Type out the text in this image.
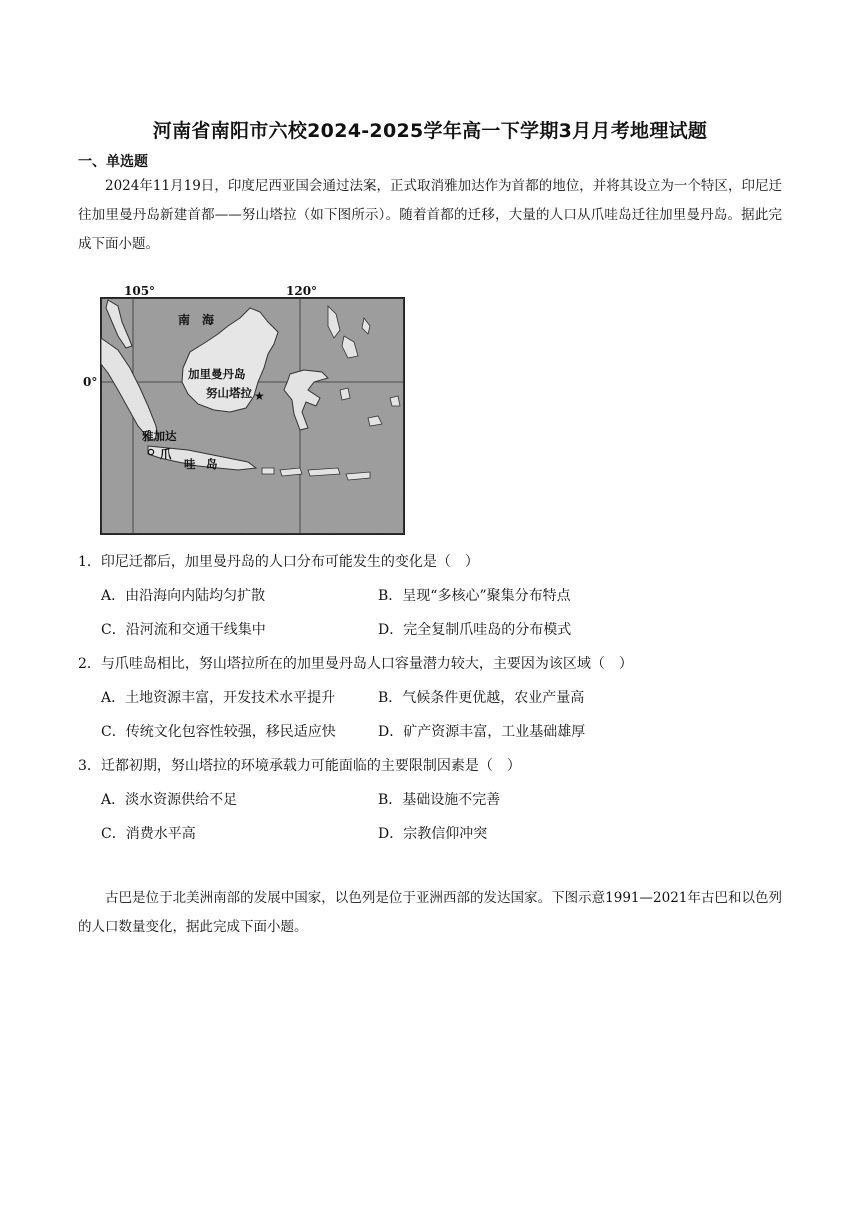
河南省南阳市六校2024-2025学年高一下学期3月月考地理试题
一、单选题
2024年11月19日，印度尼西亚国会通过法案，正式取消雅加达作为首都的地位，并将其设立为一个特区，印尼迁往加里曼丹岛新建首都——努山塔拉（如下图所示）。随着首都的迁移，大量的人口从爪哇岛迁往加里曼丹岛。据此完成下面小题。
★
105°	120°
0°
南　海
加里曼丹岛
努山塔拉
雅加达
爪
哇 岛
1．印尼迁都后，加里曼丹岛的人口分布可能发生的变化是（　）
A．由沿海向内陆均匀扩散	B．呈现“多核心”聚集分布特点
C．沿河流和交通干线集中	D．完全复制爪哇岛的分布模式
2．与爪哇岛相比，努山塔拉所在的加里曼丹岛人口容量潜力较大，主要因为该区域（　）
A．土地资源丰富，开发技术水平提升	B．气候条件更优越，农业产量高
C．传统文化包容性较强，移民适应快	D．矿产资源丰富，工业基础雄厚
3．迁都初期，努山塔拉的环境承载力可能面临的主要限制因素是（　）
A．淡水资源供给不足	B．基础设施不完善
C．消费水平高	D．宗教信仰冲突
古巴是位于北美洲南部的发展中国家，以色列是位于亚洲西部的发达国家。下图示意1991—2021年古巴和以色列的人口数量变化，据此完成下面小题。
